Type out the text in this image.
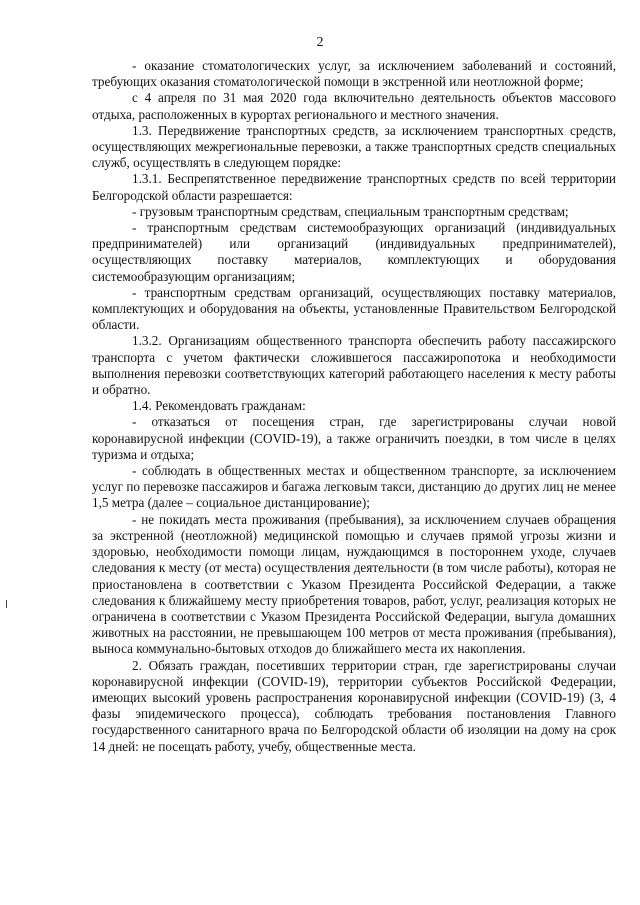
2

- оказание стоматологических услуг, за исключением заболеваний и состояний, требующих оказания стоматологической помощи в экстренной или неотложной форме;

с 4 апреля по 31 мая 2020 года включительно деятельность объектов массового отдыха, расположенных в курортах регионального и местного значения.

1.3. Передвижение транспортных средств, за исключением транспортных средств, осуществляющих межрегиональные перевозки, а также транспортных средств специальных служб, осуществлять в следующем порядке:

1.3.1. Беспрепятственное передвижение транспортных средств по всей территории Белгородской области разрешается:

- грузовым транспортным средствам, специальным транспортным средствам;

- транспортным средствам системообразующих организаций (индивидуальных предпринимателей) или организаций (индивидуальных предпринимателей), осуществляющих поставку материалов, комплектующих и оборудования системообразующим организациям;

- транспортным средствам организаций, осуществляющих поставку материалов, комплектующих и оборудования на объекты, установленные Правительством Белгородской области.

1.3.2. Организациям общественного транспорта обеспечить работу пассажирского транспорта с учетом фактически сложившегося пассажиропотока и необходимости выполнения перевозки соответствующих категорий работающего населения к месту работы и обратно.

1.4. Рекомендовать гражданам:

- отказаться от посещения стран, где зарегистрированы случаи новой коронавирусной инфекции (COVID-19), а также ограничить поездки, в том числе в целях туризма и отдыха;

- соблюдать в общественных местах и общественном транспорте, за исключением услуг по перевозке пассажиров и багажа легковым такси, дистанцию до других лиц не менее 1,5 метра (далее – социальное дистанцирование);

- не покидать места проживания (пребывания), за исключением случаев обращения за экстренной (неотложной) медицинской помощью и случаев прямой угрозы жизни и здоровью, необходимости помощи лицам, нуждающимся в постороннем уходе, случаев следования к месту (от места) осуществления деятельности (в том числе работы), которая не приостановлена в соответствии с Указом Президента Российской Федерации, а также следования к ближайшему месту приобретения товаров, работ, услуг, реализация которых не ограничена в соответствии с Указом Президента Российской Федерации, выгула домашних животных на расстоянии, не превышающем 100 метров от места проживания (пребывания), выноса коммунально-бытовых отходов до ближайшего места их накопления.

2. Обязать граждан, посетивших территории стран, где зарегистрированы случаи коронавирусной инфекции (COVID-19), территории субъектов Российской Федерации, имеющих высокий уровень распространения коронавирусной инфекции (COVID-19) (3, 4 фазы эпидемического процесса), соблюдать требования постановления Главного государственного санитарного врача по Белгородской области об изоляции на дому на срок 14 дней: не посещать работу, учебу, общественные места.
